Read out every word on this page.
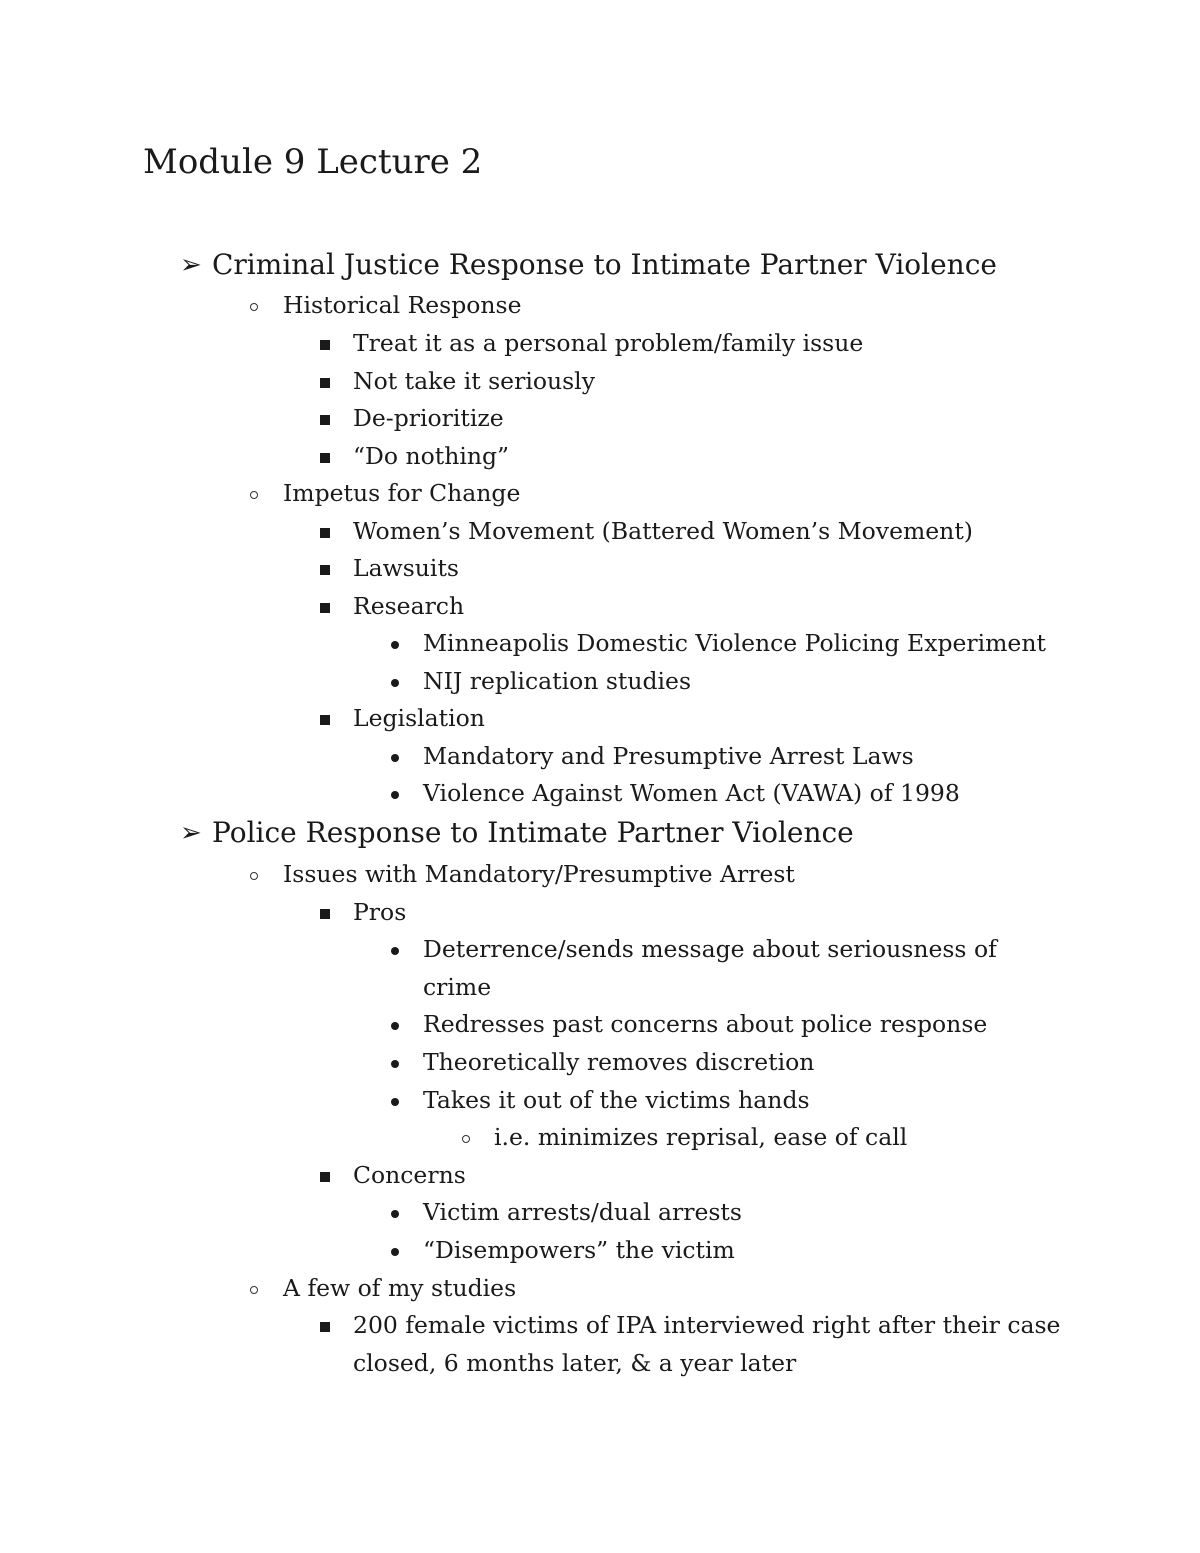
Module 9 Lecture 2
➢ Criminal Justice Response to Intimate Partner Violence
Historical Response
Treat it as a personal problem/family issue
Not take it seriously
De-prioritize
“Do nothing”
Impetus for Change
Women’s Movement (Battered Women’s Movement)
Lawsuits
Research
Minneapolis Domestic Violence Policing Experiment
NIJ replication studies
Legislation
Mandatory and Presumptive Arrest Laws
Violence Against Women Act (VAWA) of 1998
➢ Police Response to Intimate Partner Violence
Issues with Mandatory/Presumptive Arrest
Pros
Deterrence/sends message about seriousness of
crime
Redresses past concerns about police response
Theoretically removes discretion
Takes it out of the victims hands
i.e. minimizes reprisal, ease of call
Concerns
Victim arrests/dual arrests
“Disempowers” the victim
A few of my studies
200 female victims of IPA interviewed right after their case
closed, 6 months later, & a year later
